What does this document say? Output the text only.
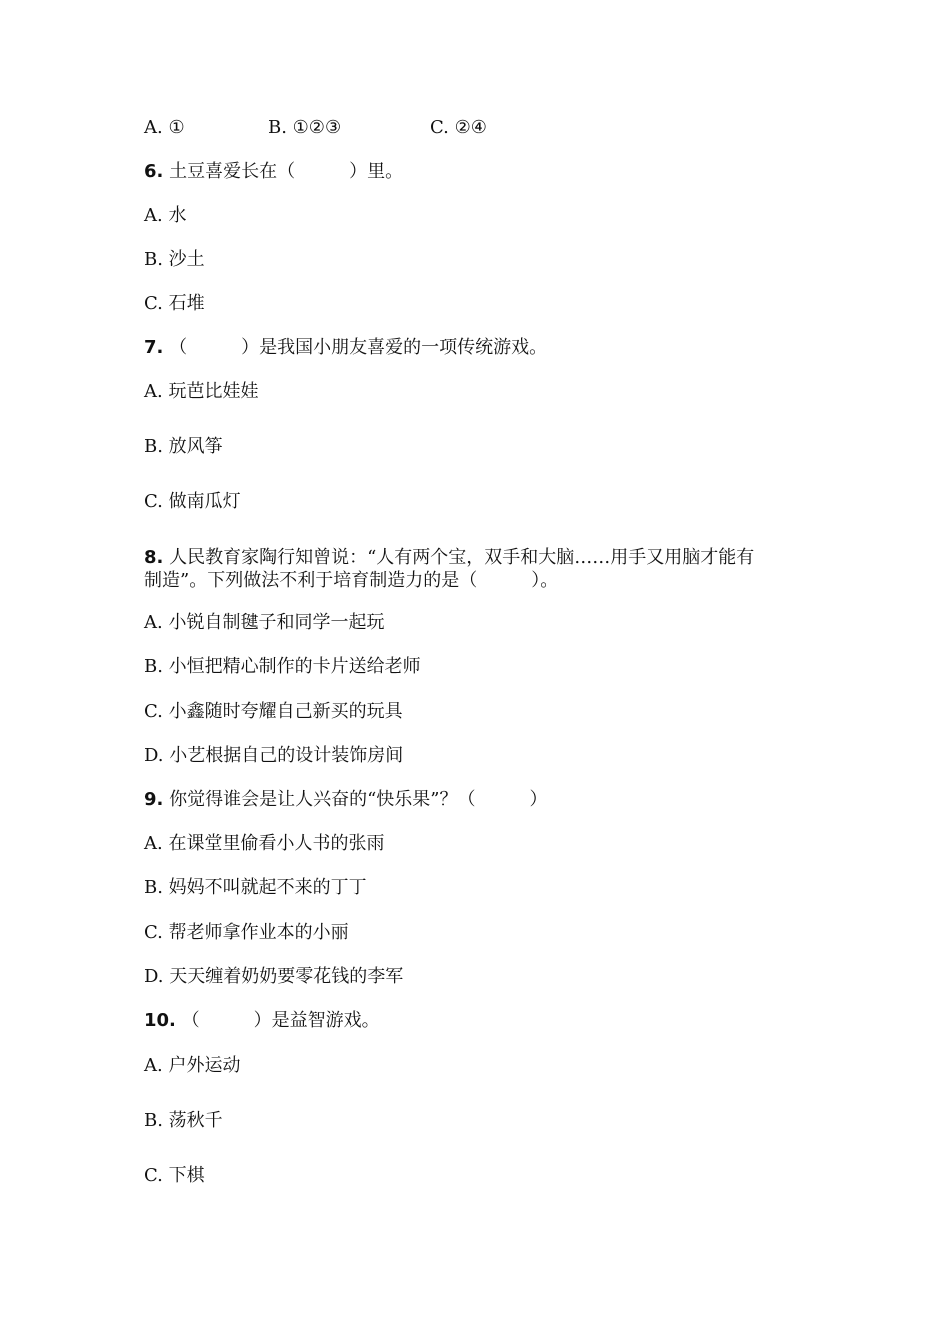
A. ①	B. ①②③	C. ②④
6. 土豆喜爱长在（　　　）里。
A. 水
B. 沙土
C. 石堆
7. （　　　）是我国小朋友喜爱的一项传统游戏。
A. 玩芭比娃娃
B. 放风筝
C. 做南瓜灯
8. 人民教育家陶行知曾说：“人有两个宝，双手和大脑……用手又用脑才能有
制造”。下列做法不利于培育制造力的是（　　　）。
A. 小锐自制毽子和同学一起玩
B. 小恒把精心制作的卡片送给老师
C. 小鑫随时夸耀自己新买的玩具
D. 小艺根据自己的设计装饰房间
9. 你觉得谁会是让人兴奋的“快乐果”？（　　　）
A. 在课堂里偷看小人书的张雨
B. 妈妈不叫就起不来的丁丁
C. 帮老师拿作业本的小丽
D. 天天缠着奶奶要零花钱的李军
10. （　　　）是益智游戏。
A. 户外运动
B. 荡秋千
C. 下棋
